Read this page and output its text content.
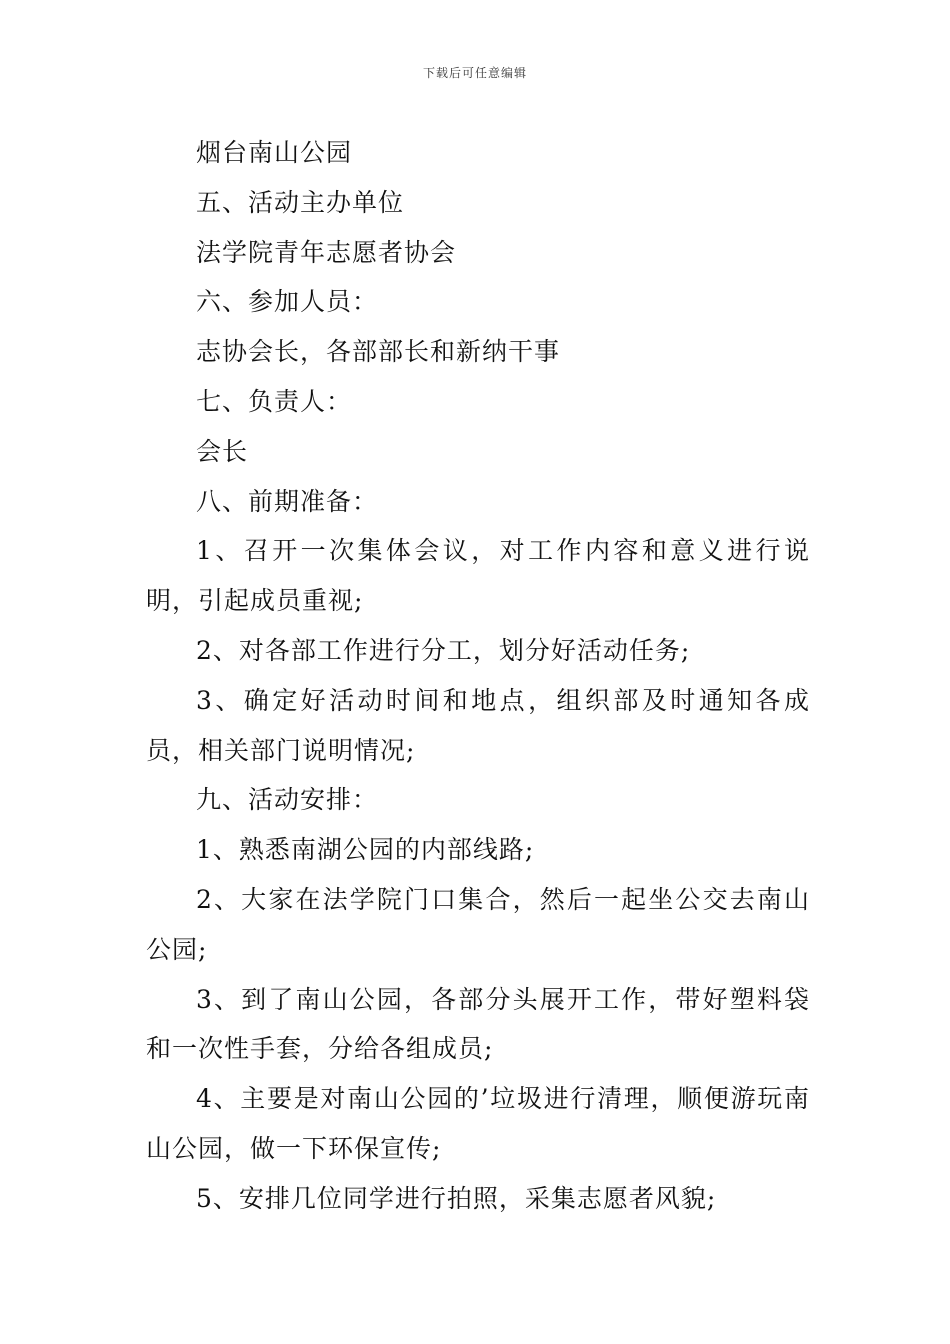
下载后可任意编辑

烟台南山公园

五、活动主办单位

法学院青年志愿者协会

六、参加人员：

志协会长，各部部长和新纳干事

七、负责人：

会长

八、前期准备：

1、召开一次集体会议，对工作内容和意义进行说明，引起成员重视;

2、对各部工作进行分工，划分好活动任务;

3、确定好活动时间和地点，组织部及时通知各成员，相关部门说明情况;

九、活动安排：

1、熟悉南湖公园的内部线路;

2、大家在法学院门口集合，然后一起坐公交去南山公园;

3、到了南山公园，各部分头展开工作，带好塑料袋和一次性手套，分给各组成员;

4、主要是对南山公园的’垃圾进行清理，顺便游玩南山公园，做一下环保宣传;

5、安排几位同学进行拍照，采集志愿者风貌;
